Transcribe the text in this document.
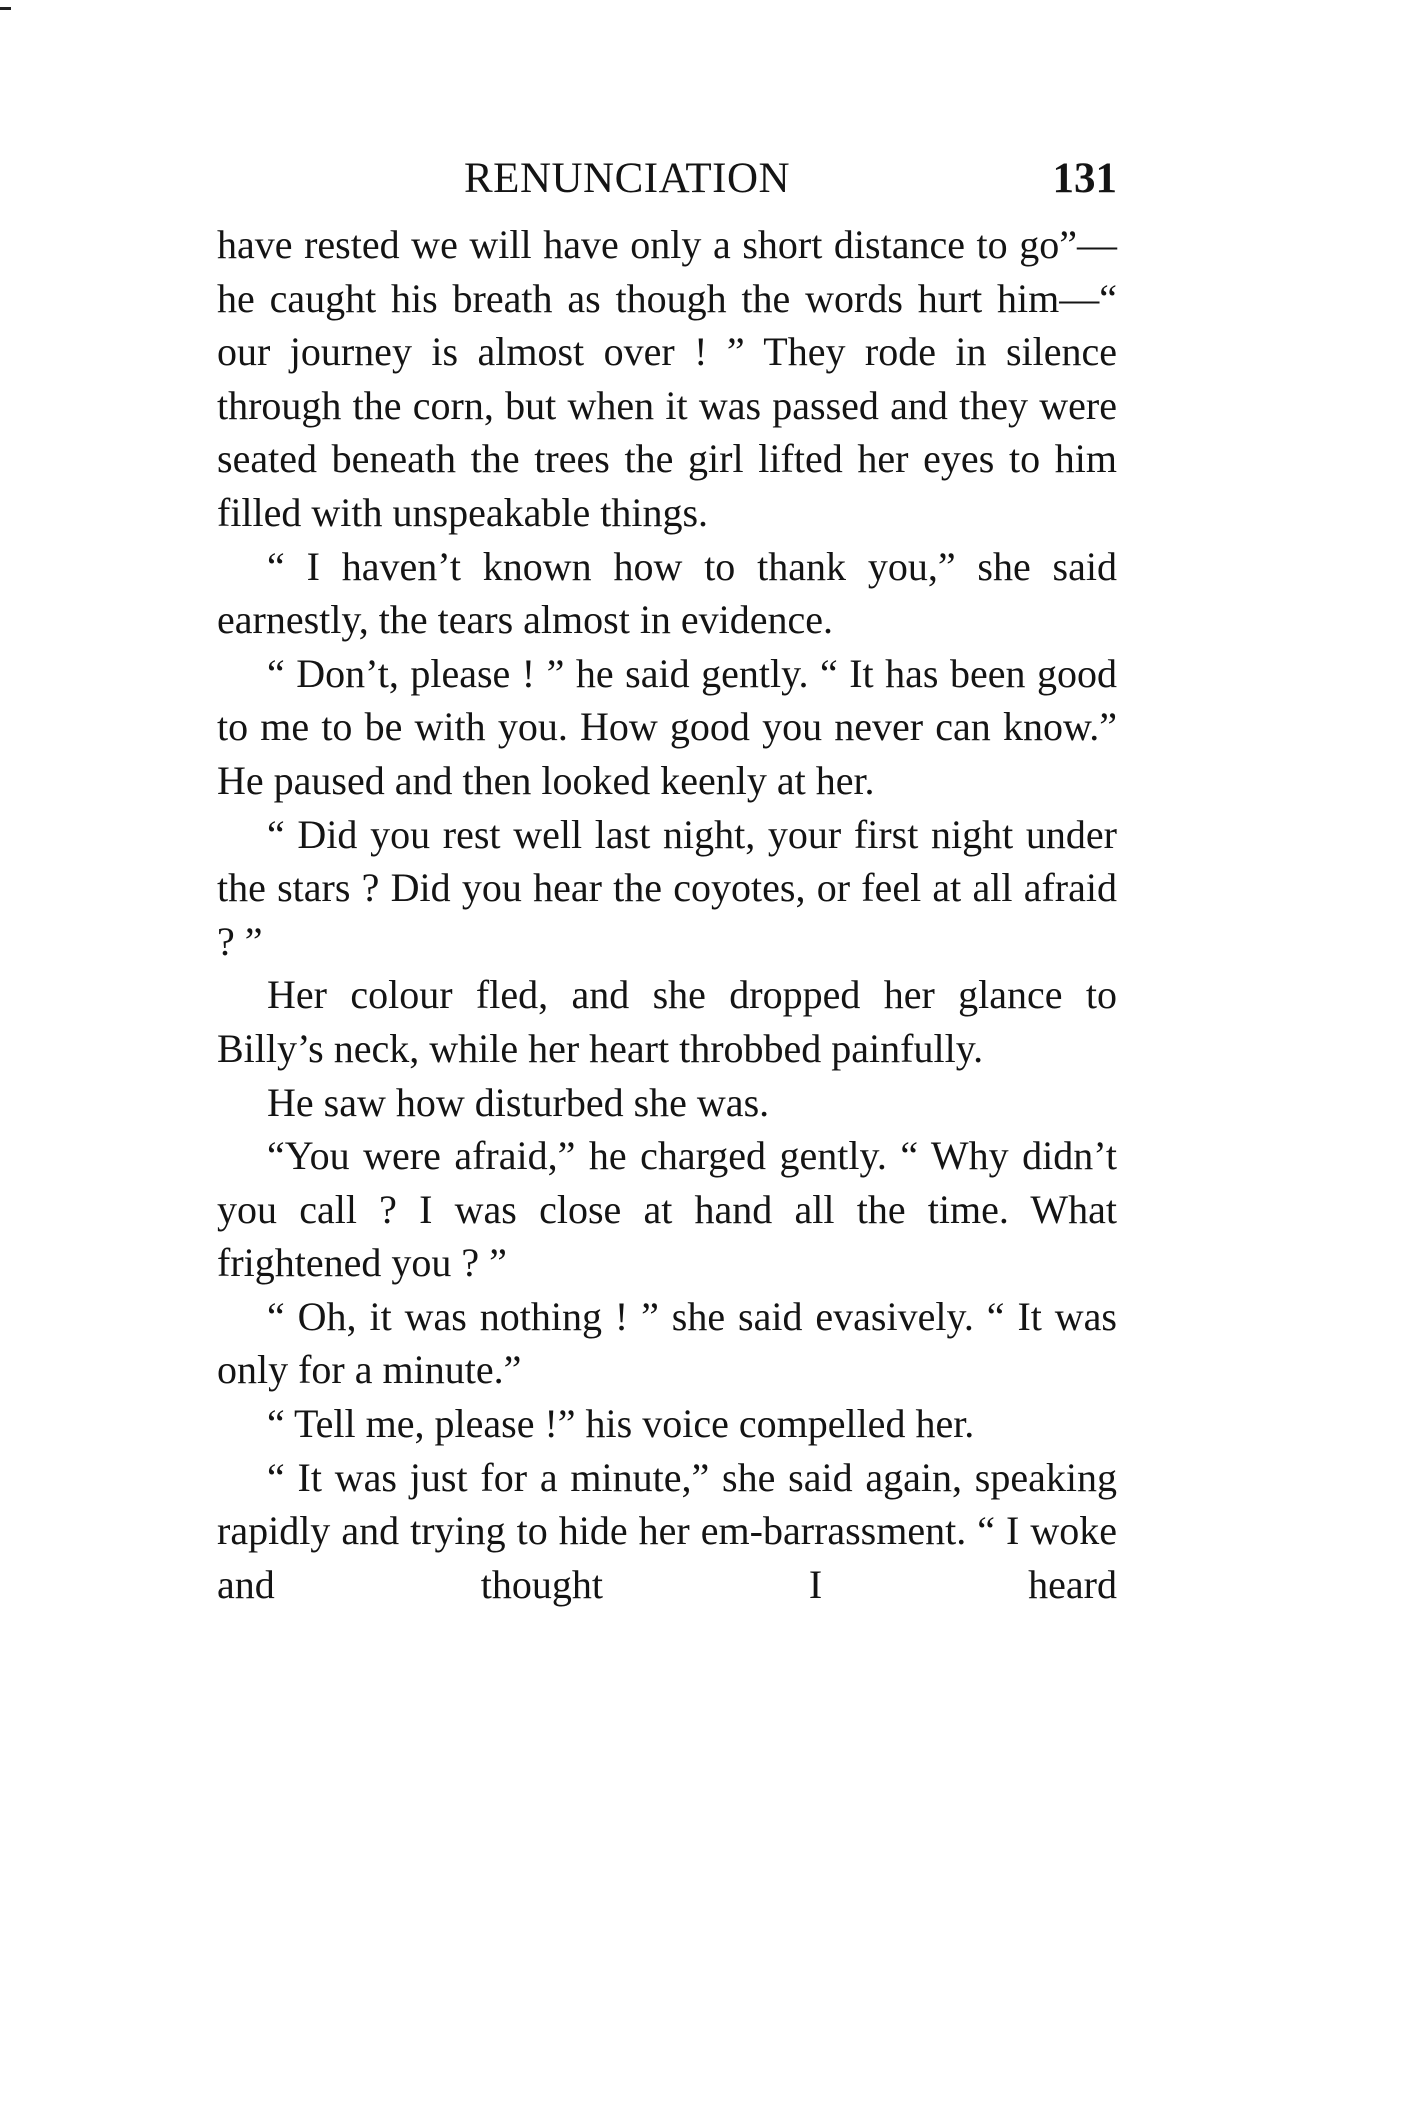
RENUNCIATION	131

have rested we will have only a short distance to go”— he caught his breath as though the words hurt him—“ our journey is almost over ! ” They rode in silence through the corn, but when it was passed and they were seated beneath the trees the girl lifted her eyes to him filled with unspeakable things.

“ I haven’t known how to thank you,” she said earnestly, the tears almost in evidence.

“ Don’t, please ! ” he said gently. “ It has been good to me to be with you. How good you never can know.” He paused and then looked keenly at her.

“ Did you rest well last night, your first night under the stars ? Did you hear the coyotes, or feel at all afraid ? ”

Her colour fled, and she dropped her glance to Billy’s neck, while her heart throbbed painfully.

He saw how disturbed she was.

“You were afraid,” he charged gently. “ Why didn’t you call ? I was close at hand all the time. What frightened you ? ”

“ Oh, it was nothing ! ” she said evasively. “ It was only for a minute.”

“ Tell me, please !” his voice compelled her.

“ It was just for a minute,” she said again, speaking rapidly and trying to hide her em-barrassment. “ I woke and thought I heard
